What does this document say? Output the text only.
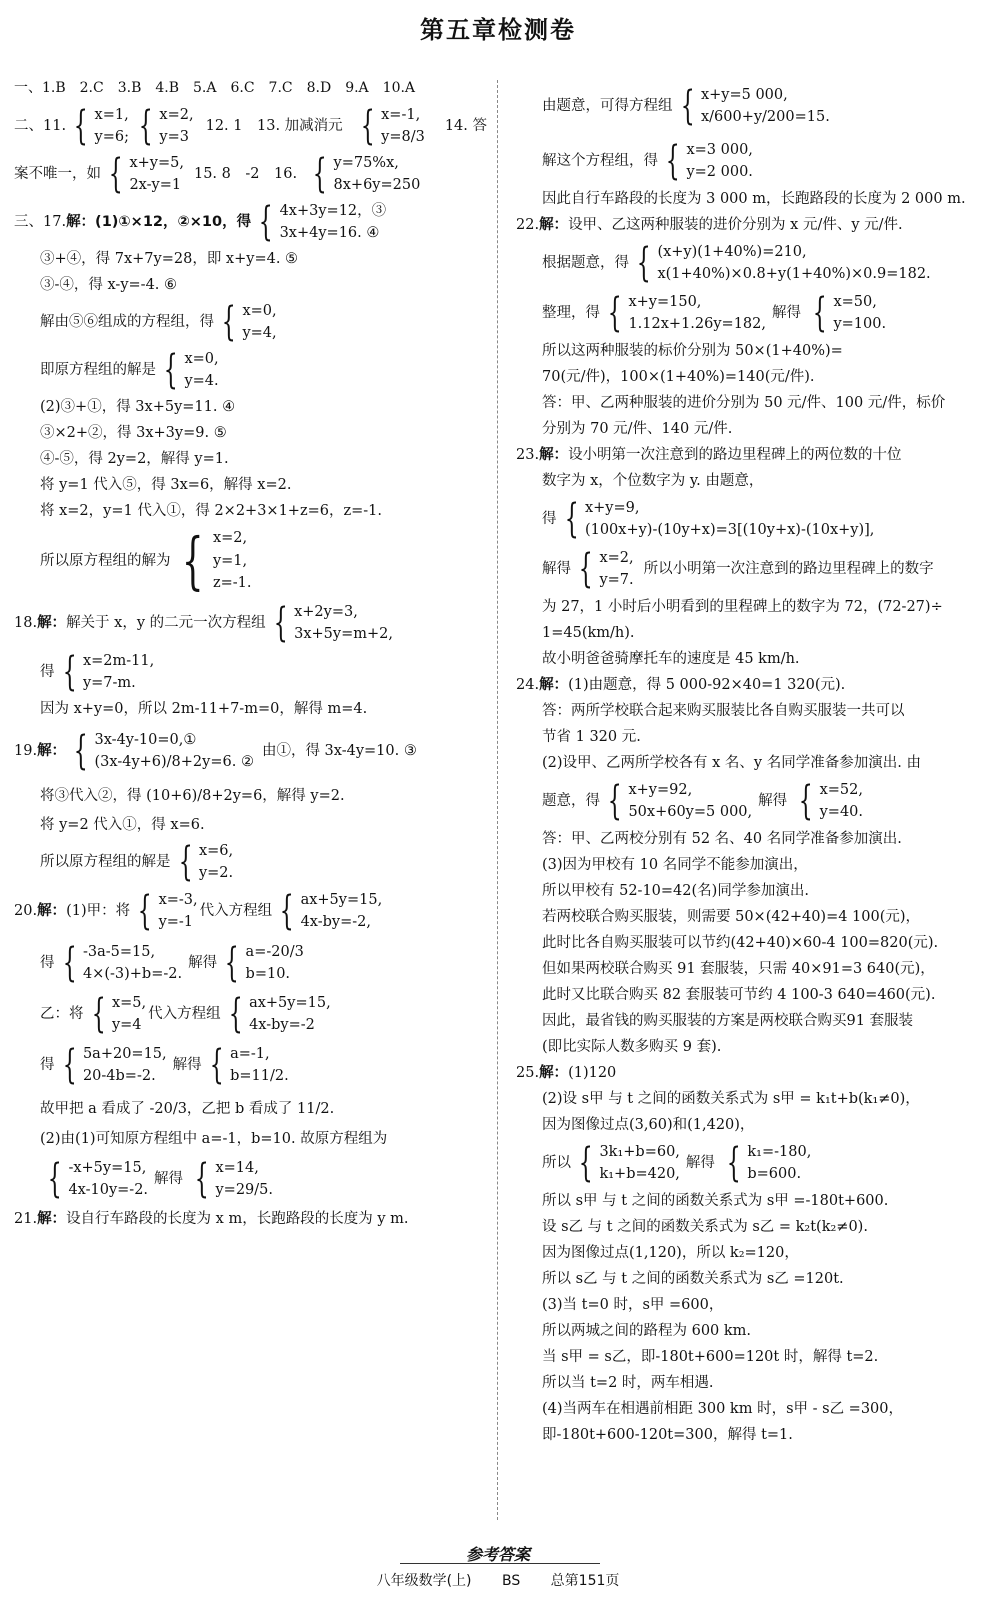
第五章检测卷
一、1.B　2.C　3.B　4.B　5.A　6.C　7.C　8.D　9.A　10.A
二、11. { x=1,
y=6; { x=2,
y=3
12. 1　13. 加减消元 { x=-1,
y=8/3
14. 答
案不唯一，如 { x+y=5,
2x-y=1
15. 8　-2　16. { y=75%x,
8x+6y=250
三、17. 解：(1)①×12，②×10，得 { 4x+3y=12，③
3x+4y=16. ④
③+④，得 7x+7y=28，即 x+y=4. ⑤
③-④，得 x-y=-4. ⑥
解由⑤⑥组成的方程组，得 { x=0,
y=4,
即原方程组的解是 { x=0,
y=4.
(2)③+①，得 3x+5y=11. ④
③×2+②，得 3x+3y=9. ⑤
④-⑤，得 2y=2，解得 y=1.
将 y=1 代入⑤，得 3x=6，解得 x=2.
将 x=2，y=1 代入①，得 2×2+3×1+z=6，z=-1.
所以原方程组的解为 { x=2,
y=1,
z=-1.
18. 解： 解关于 x，y 的二元一次方程组 { x+2y=3,
3x+5y=m+2,
得 { x=2m-11,
y=7-m.
因为 x+y=0，所以 2m-11+7-m=0，解得 m=4.
19. 解： { 3x-4y-10=0,①
(3x-4y+6)/8+2y=6. ②
由①，得 3x-4y=10. ③
将③代入②，得 (10+6)/8+2y=6，解得 y=2.
将 y=2 代入①，得 x=6.
所以原方程组的解是 { x=6,
y=2.
20. 解： (1)甲：将 { x=-3,
y=-1
代入方程组 { ax+5y=15,
4x-by=-2,
得 { -3a-5=15,
4×(-3)+b=-2.
解得 { a=-20/3
b=10.
乙：将 { x=5,
y=4
代入方程组 { ax+5y=15,
4x-by=-2
得 { 5a+20=15,
20-4b=-2.
解得 { a=-1,
b=11/2.
故甲把 a 看成了 -20/3，乙把 b 看成了 11/2.
(2)由(1)可知原方程组中 a=-1，b=10. 故原方程组为
{ -x+5y=15,
4x-10y=-2.
解得 { x=14,
y=29/5.
21. 解： 设自行车路段的长度为 x m，长跑路段的长度为 y m.
由题意，可得方程组 { x+y=5 000,
x/600+y/200=15.
解这个方程组，得 { x=3 000,
y=2 000.
因此自行车路段的长度为 3 000 m，长跑路段的长度为 2 000 m.
22. 解： 设甲、乙这两种服装的进价分别为 x 元/件、y 元/件.
根据题意，得 { (x+y)(1+40%)=210,
x(1+40%)×0.8+y(1+40%)×0.9=182.
整理，得 { x+y=150,
1.12x+1.26y=182,
解得 { x=50,
y=100.
所以这两种服装的标价分别为 50×(1+40%)=
70(元/件)，100×(1+40%)=140(元/件).
答：甲、乙两种服装的进价分别为 50 元/件、100 元/件，标价
分别为 70 元/件、140 元/件.
23. 解： 设小明第一次注意到的路边里程碑上的两位数的十位
数字为 x，个位数字为 y. 由题意，
得 { x+y=9,
(100x+y)-(10y+x)=3[(10y+x)-(10x+y)],
解得 { x=2,
y=7.
所以小明第一次注意到的路边里程碑上的数字
为 27，1 小时后小明看到的里程碑上的数字为 72，(72-27)÷
1=45(km/h).
故小明爸爸骑摩托车的速度是 45 km/h.
24. 解： (1)由题意，得 5 000-92×40=1 320(元).
答：两所学校联合起来购买服装比各自购买服装一共可以
节省 1 320 元.
(2)设甲、乙两所学校各有 x 名、y 名同学准备参加演出. 由
题意，得 { x+y=92,
50x+60y=5 000,
解得 { x=52,
y=40.
答：甲、乙两校分别有 52 名、40 名同学准备参加演出.
(3)因为甲校有 10 名同学不能参加演出，
所以甲校有 52-10=42(名)同学参加演出.
若两校联合购买服装，则需要 50×(42+40)=4 100(元)，
此时比各自购买服装可以节约(42+40)×60-4 100=820(元).
但如果两校联合购买 91 套服装，只需 40×91=3 640(元)，
此时又比联合购买 82 套服装可节约 4 100-3 640=460(元).
因此，最省钱的购买服装的方案是两校联合购买91 套服装
(即比实际人数多购买 9 套).
25. 解： (1)120
(2)设 s甲 与 t 之间的函数关系式为 s甲 = k₁t+b(k₁≠0)，
因为图像过点(3,60)和(1,420)，
所以 { 3k₁+b=60,
k₁+b=420,
解得 { k₁=-180,
b=600.
所以 s甲 与 t 之间的函数关系式为 s甲 =-180t+600.
设 s乙 与 t 之间的函数关系式为 s乙 = k₂t(k₂≠0).
因为图像过点(1,120)，所以 k₂=120，
所以 s乙 与 t 之间的函数关系式为 s乙 =120t.
(3)当 t=0 时，s甲 =600，
所以两城之间的路程为 600 km.
当 s甲 = s乙，即-180t+600=120t 时，解得 t=2.
所以当 t=2 时，两车相遇.
(4)当两车在相遇前相距 300 km 时，s甲 - s乙 =300，
即-180t+600-120t=300，解得 t=1.
参考答案
八年级数学(上) BS 总第151页
